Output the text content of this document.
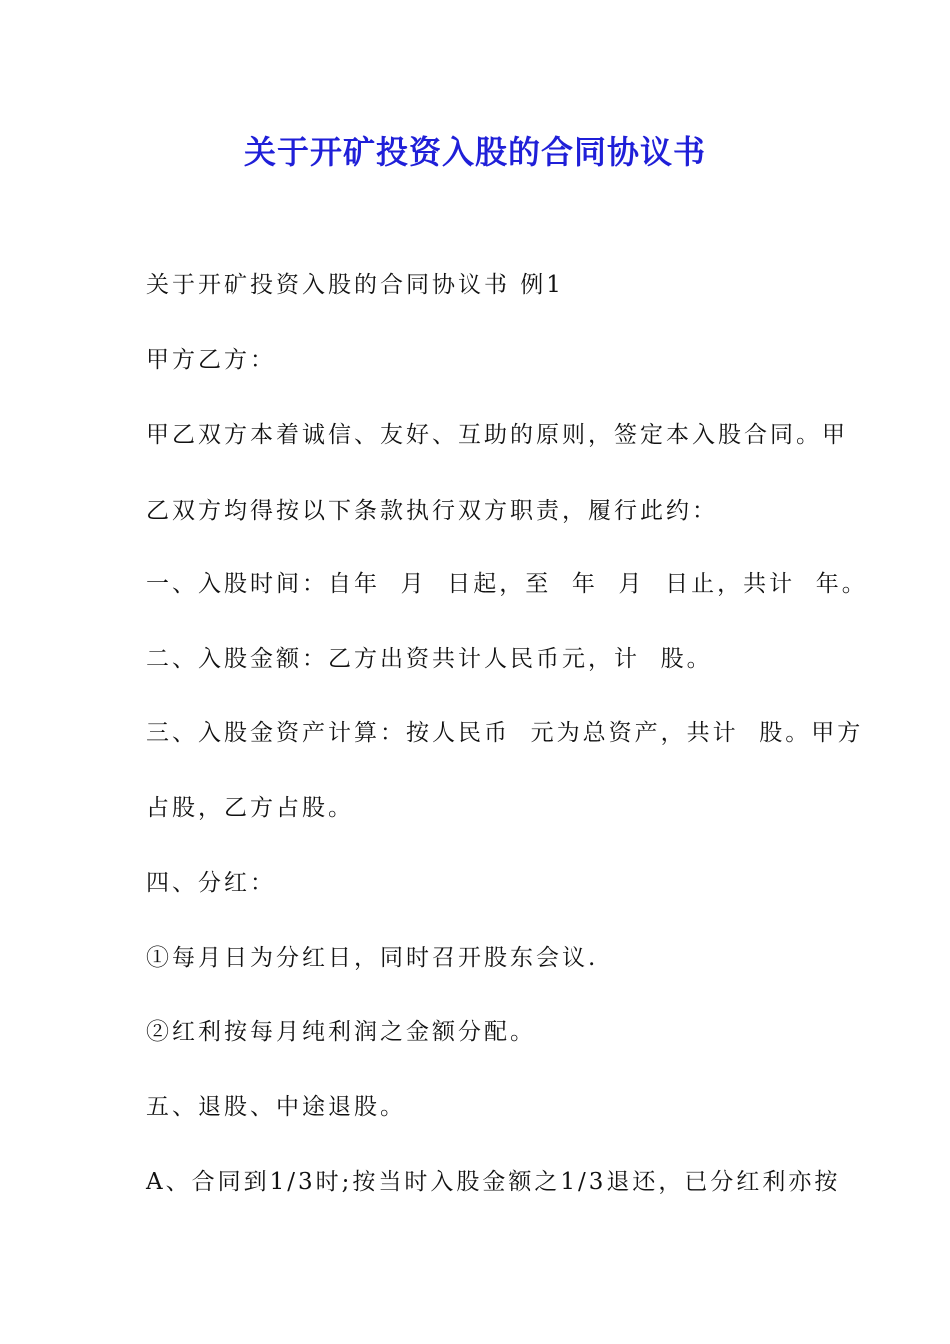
关于开矿投资入股的合同协议书
关于开矿投资入股的合同协议书 例1
甲方乙方：
甲乙双方本着诚信、友好、互助的原则，签定本入股合同。甲
乙双方均得按以下条款执行双方职责，履行此约：
一、入股时间：自年  月  日起，至  年  月  日止，共计  年。
二、入股金额：乙方出资共计人民币元，计  股。
三、入股金资产计算：按人民币  元为总资产，共计  股。甲方
占股，乙方占股。
四、分红：
①每月日为分红日，同时召开股东会议.
②红利按每月纯利润之金额分配。
五、退股、中途退股。
A、合同到1/3时;按当时入股金额之1/3退还，已分红利亦按
